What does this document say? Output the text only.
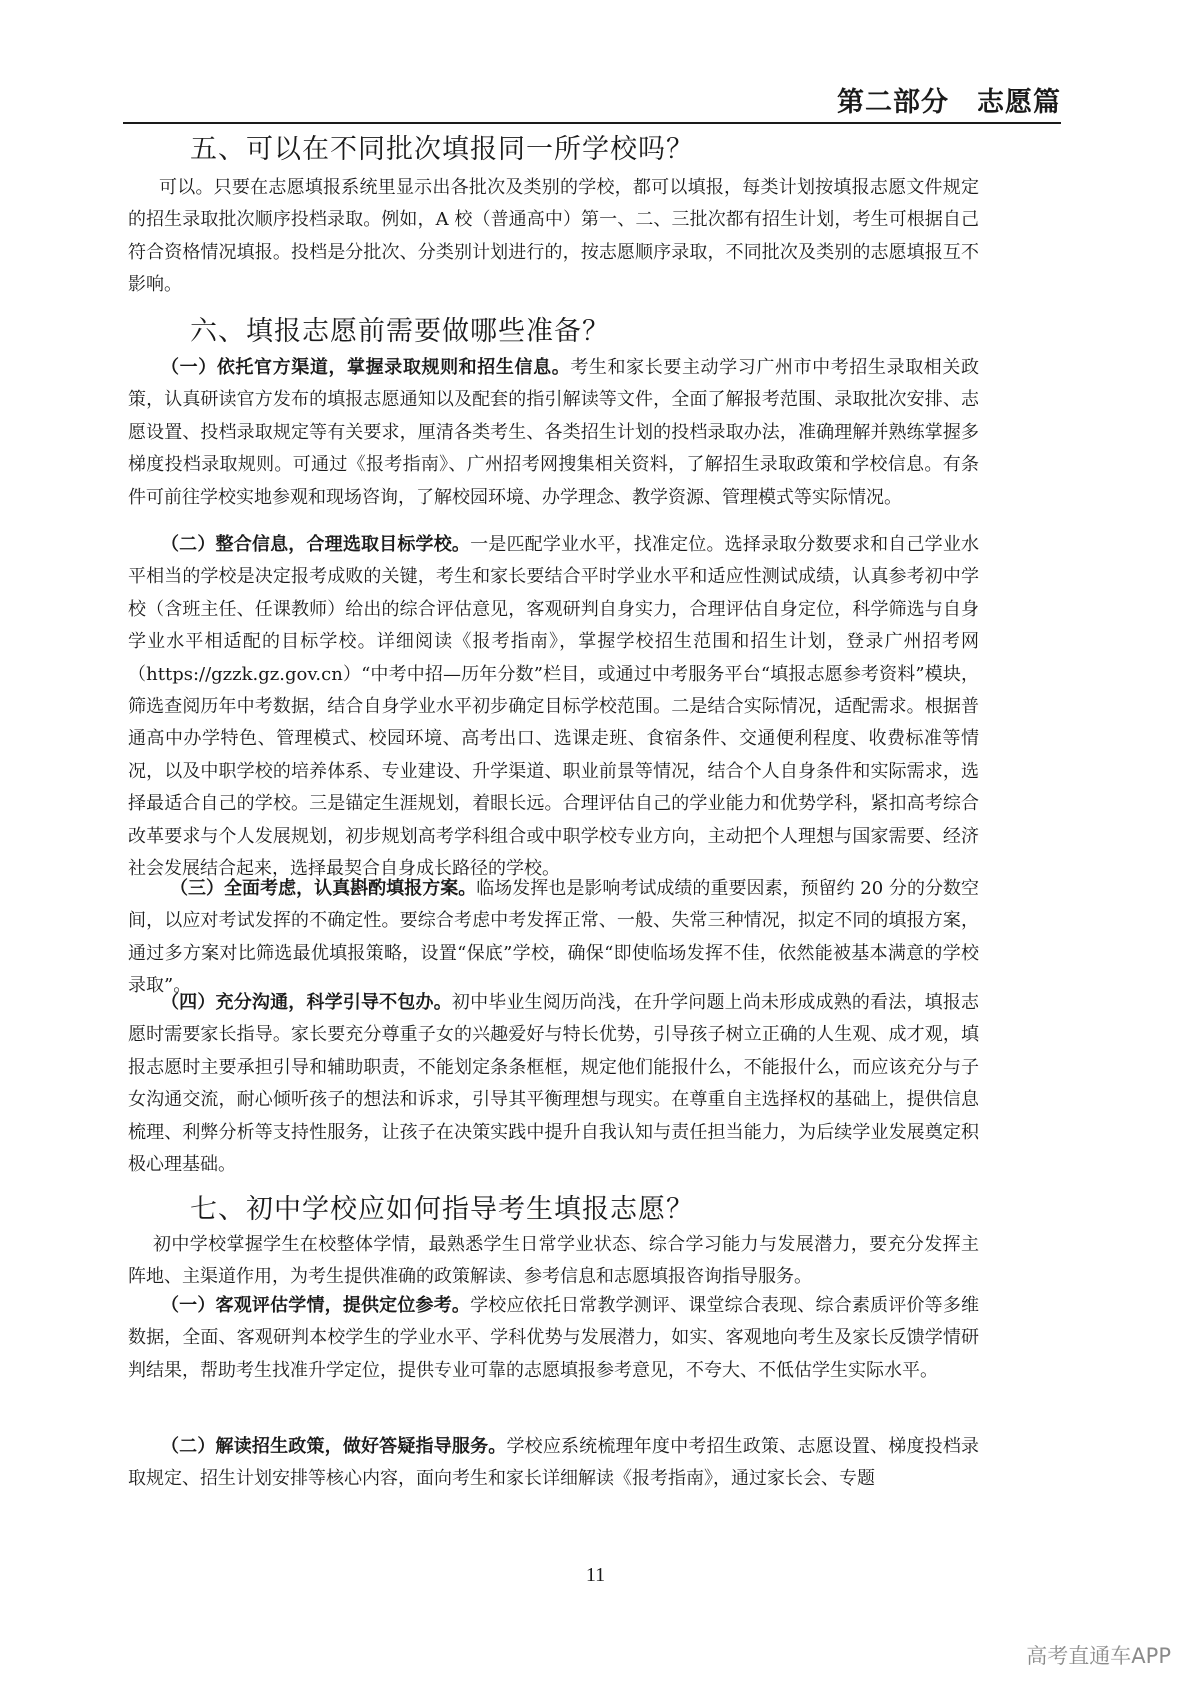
第二部分　志愿篇
五、可以在不同批次填报同一所学校吗？

可以。只要在志愿填报系统里显示出各批次及类别的学校，都可以填报，每类计划按填报志愿文件规定的招生录取批次顺序投档录取。例如，A 校（普通高中）第一、二、三批次都有招生计划，考生可根据自己符合资格情况填报。投档是分批次、分类别计划进行的，按志愿顺序录取，不同批次及类别的志愿填报互不影响。

六、填报志愿前需要做哪些准备？

（一）依托官方渠道，掌握录取规则和招生信息。考生和家长要主动学习广州市中考招生录取相关政策，认真研读官方发布的填报志愿通知以及配套的指引解读等文件，全面了解报考范围、录取批次安排、志愿设置、投档录取规定等有关要求，厘清各类考生、各类招生计划的投档录取办法，准确理解并熟练掌握多梯度投档录取规则。可通过《报考指南》、广州招考网搜集相关资料，了解招生录取政策和学校信息。有条件可前往学校实地参观和现场咨询，了解校园环境、办学理念、教学资源、管理模式等实际情况。

（二）整合信息，合理选取目标学校。一是匹配学业水平，找准定位。选择录取分数要求和自己学业水平相当的学校是决定报考成败的关键，考生和家长要结合平时学业水平和适应性测试成绩，认真参考初中学校（含班主任、任课教师）给出的综合评估意见，客观研判自身实力，合理评估自身定位，科学筛选与自身学业水平相适配的目标学校。详细阅读《报考指南》，掌握学校招生范围和招生计划，登录广州招考网（https://gzzk.gz.gov.cn）“中考中招—历年分数”栏目，或通过中考服务平台“填报志愿参考资料”模块，筛选查阅历年中考数据，结合自身学业水平初步确定目标学校范围。二是结合实际情况，适配需求。根据普通高中办学特色、管理模式、校园环境、高考出口、选课走班、食宿条件、交通便利程度、收费标准等情况，以及中职学校的培养体系、专业建设、升学渠道、职业前景等情况，结合个人自身条件和实际需求，选择最适合自己的学校。三是锚定生涯规划，着眼长远。合理评估自己的学业能力和优势学科，紧扣高考综合改革要求与个人发展规划，初步规划高考学科组合或中职学校专业方向，主动把个人理想与国家需要、经济社会发展结合起来，选择最契合自身成长路径的学校。

（三）全面考虑，认真斟酌填报方案。临场发挥也是影响考试成绩的重要因素，预留约 20 分的分数空间，以应对考试发挥的不确定性。要综合考虑中考发挥正常、一般、失常三种情况，拟定不同的填报方案，通过多方案对比筛选最优填报策略，设置“保底”学校，确保“即使临场发挥不佳，依然能被基本满意的学校录取”。

（四）充分沟通，科学引导不包办。初中毕业生阅历尚浅，在升学问题上尚未形成成熟的看法，填报志愿时需要家长指导。家长要充分尊重子女的兴趣爱好与特长优势，引导孩子树立正确的人生观、成才观，填报志愿时主要承担引导和辅助职责，不能划定条条框框，规定他们能报什么，不能报什么，而应该充分与子女沟通交流，耐心倾听孩子的想法和诉求，引导其平衡理想与现实。在尊重自主选择权的基础上，提供信息梳理、利弊分析等支持性服务，让孩子在决策实践中提升自我认知与责任担当能力，为后续学业发展奠定积极心理基础。

七、初中学校应如何指导考生填报志愿？

初中学校掌握学生在校整体学情，最熟悉学生日常学业状态、综合学习能力与发展潜力，要充分发挥主阵地、主渠道作用，为考生提供准确的政策解读、参考信息和志愿填报咨询指导服务。

（一）客观评估学情，提供定位参考。学校应依托日常教学测评、课堂综合表现、综合素质评价等多维数据，全面、客观研判本校学生的学业水平、学科优势与发展潜力，如实、客观地向考生及家长反馈学情研判结果，帮助考生找准升学定位，提供专业可靠的志愿填报参考意见，不夸大、不低估学生实际水平。

（二）解读招生政策，做好答疑指导服务。学校应系统梳理年度中考招生政策、志愿设置、梯度投档录取规定、招生计划安排等核心内容，面向考生和家长详细解读《报考指南》，通过家长会、专题

11
高考直通车APP
